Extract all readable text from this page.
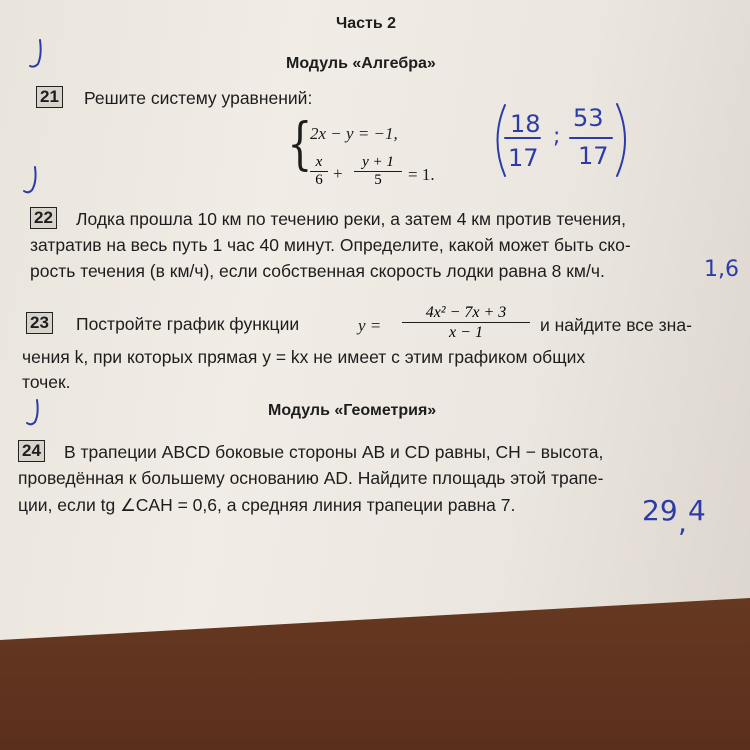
Часть 2
Модуль «Алгебра»
21 Решите систему уравнений:
{
2x − y = −1,
x
6 +
y + 1
5	= 1.
22 Лодка прошла 10 км по течению реки, а затем 4 км против течения,
затратив на весь путь 1 час 40 минут. Определите, какой может быть ско-
рость течения (в км/ч), если собственная скорость лодки равна 8 км/ч.
23 Постройте график функции	y =
4x² − 7x + 3
x − 1	и найдите все зна-
чения k, при которых прямая y = kx не имеет с этим графиком общих
точек.
Модуль «Геометрия»
24 В трапеции ABCD боковые стороны AB и CD равны, CH − высота,
проведённая к большему основанию AD. Найдите площадь этой трапе-
ции, если tg ∠CAH = 0,6, а средняя линия трапеции равна 7.
18
17
;
53
17
1,6
29 , 4
